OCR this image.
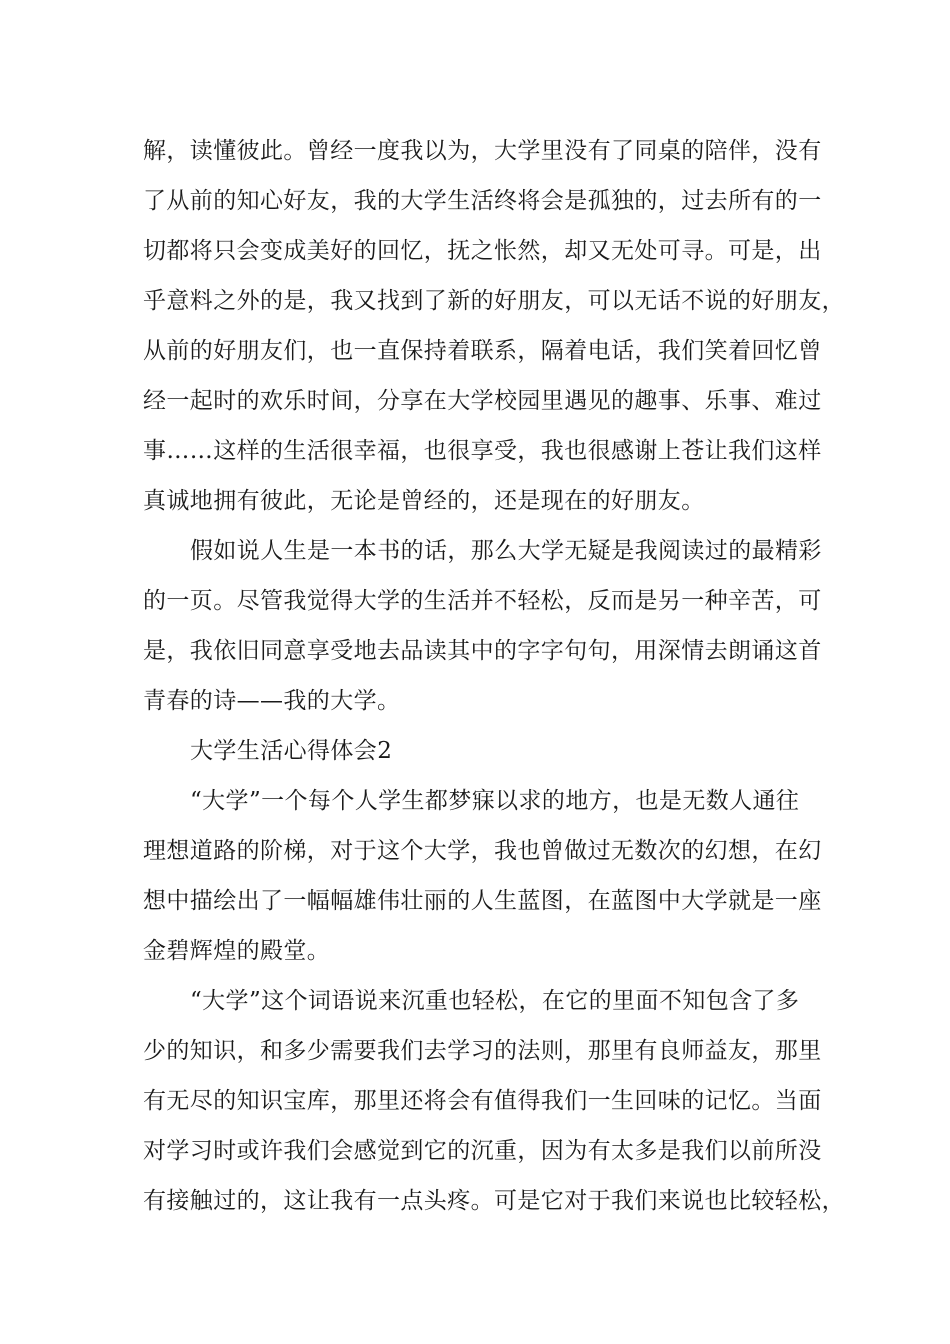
解，读懂彼此。曾经一度我以为，大学里没有了同桌的陪伴，没有

了从前的知心好友，我的大学生活终将会是孤独的，过去所有的一

切都将只会变成美好的回忆，抚之怅然，却又无处可寻。可是，出

乎意料之外的是，我又找到了新的好朋友，可以无话不说的好朋友，

从前的好朋友们，也一直保持着联系，隔着电话，我们笑着回忆曾

经一起时的欢乐时间，分享在大学校园里遇见的趣事、乐事、难过

事……这样的生活很幸福，也很享受，我也很感谢上苍让我们这样

真诚地拥有彼此，无论是曾经的，还是现在的好朋友。

假如说人生是一本书的话，那么大学无疑是我阅读过的最精彩

的一页。尽管我觉得大学的生活并不轻松，反而是另一种辛苦，可

是，我依旧同意享受地去品读其中的字字句句，用深情去朗诵这首

青春的诗——我的大学。

大学生活心得体会2

“大学”一个每个人学生都梦寐以求的地方，也是无数人通往

理想道路的阶梯，对于这个大学，我也曾做过无数次的幻想，在幻

想中描绘出了一幅幅雄伟壮丽的人生蓝图，在蓝图中大学就是一座

金碧辉煌的殿堂。

“大学”这个词语说来沉重也轻松，在它的里面不知包含了多

少的知识，和多少需要我们去学习的法则，那里有良师益友，那里

有无尽的知识宝库，那里还将会有值得我们一生回味的记忆。当面

对学习时或许我们会感觉到它的沉重，因为有太多是我们以前所没

有接触过的，这让我有一点头疼。可是它对于我们来说也比较轻松，
